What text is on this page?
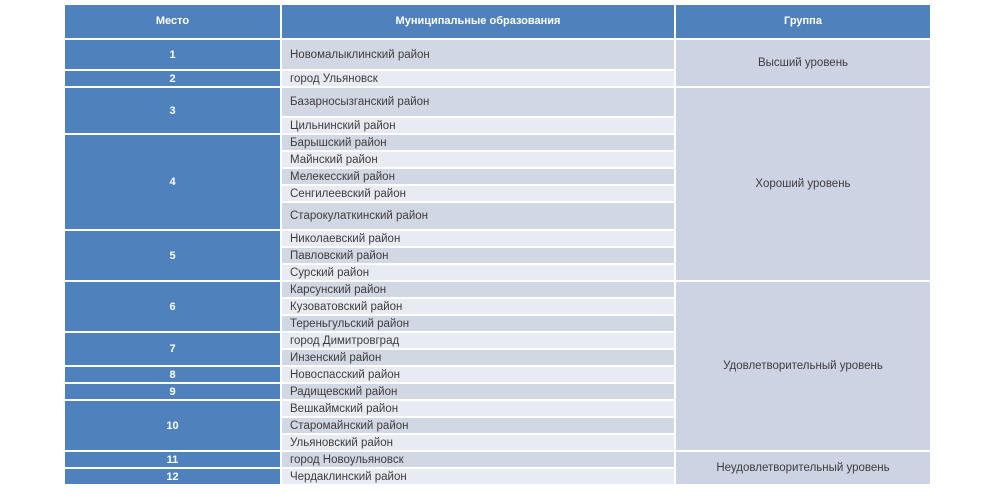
Место	Муниципальные образования	Группа
1	Новомалыклинский район	Высший уровень
2	город Ульяновск	
3	Базарносызганский район	Хороший уровень
	Цильнинский район	
4	Барышский район	
	Майнский район	
	Мелекесский район	
	Сенгилеевский район	
	Старокулаткинский район	
5	Николаевский район	
	Павловский район	
	Сурский район	
6	Карсунский район	Удовлетворительный уровень
	Кузоватовский район	
	Тереньгульский район	
7	город Димитровград	
	Инзенский район	
8	Новоспасский район	
9	Радищевский район	
10	Вешкаймский район	
	Старомайнский район	
	Ульяновский район	
11	город Новоульяновск	Неудовлетворительный уровень
12	Чердаклинский район	
